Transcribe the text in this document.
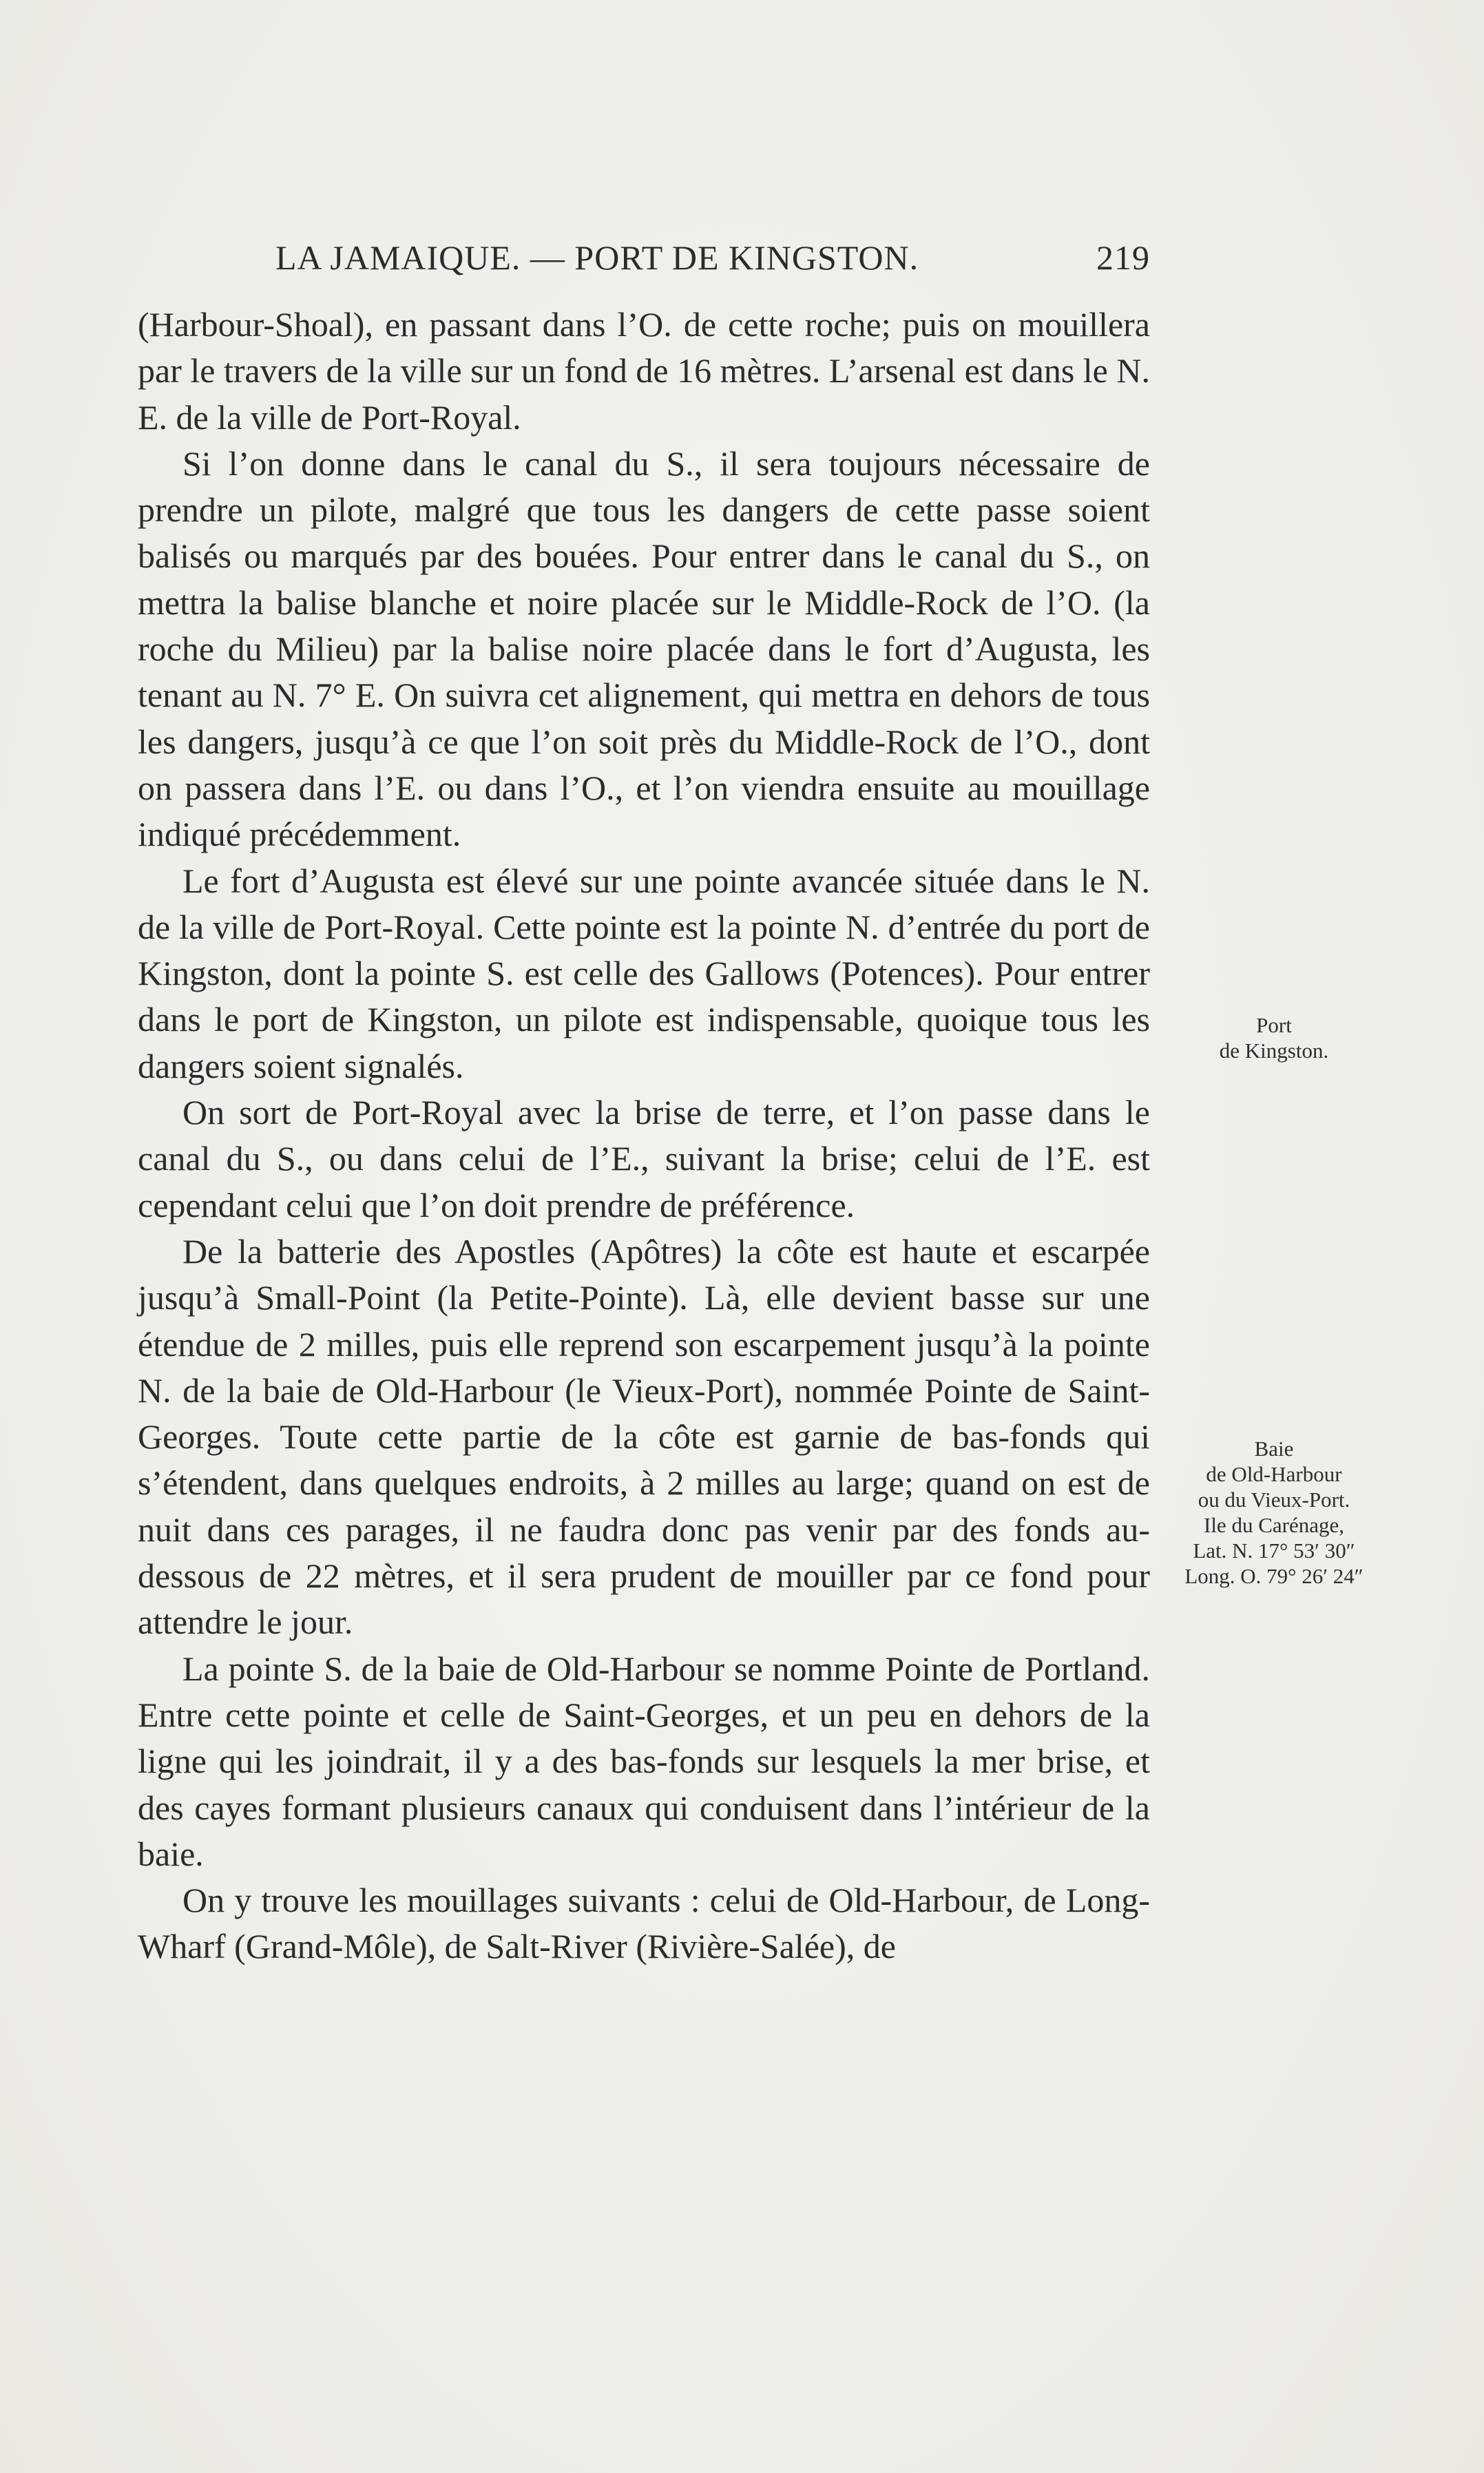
LA JAMAIQUE. — PORT DE KINGSTON.	219

(Harbour-Shoal), en passant dans l’O. de cette roche; puis on mouillera par le travers de la ville sur un fond de 16 mètres. L’arsenal est dans le N. E. de la ville de Port-Royal.

Si l’on donne dans le canal du S., il sera toujours nécessaire de prendre un pilote, malgré que tous les dangers de cette passe soient balisés ou marqués par des bouées. Pour entrer dans le canal du S., on mettra la balise blanche et noire placée sur le Middle-Rock de l’O. (la roche du Milieu) par la balise noire placée dans le fort d’Augusta, les tenant au N. 7° E. On suivra cet alignement, qui mettra en dehors de tous les dangers, jusqu’à ce que l’on soit près du Middle-Rock de l’O., dont on passera dans l’E. ou dans l’O., et l’on viendra ensuite au mouillage indiqué précédemment.

Le fort d’Augusta est élevé sur une pointe avancée située dans le N. de la ville de Port-Royal. Cette pointe est la pointe N. d’entrée du port de Kingston, dont la pointe S. est celle des Gallows (Potences). Pour entrer dans le port de Kingston, un pilote est indispensable, quoique tous les dangers soient signalés.

On sort de Port-Royal avec la brise de terre, et l’on passe dans le canal du S., ou dans celui de l’E., suivant la brise; celui de l’E. est cependant celui que l’on doit prendre de préférence.

De la batterie des Apostles (Apôtres) la côte est haute et escarpée jusqu’à Small-Point (la Petite-Pointe). Là, elle devient basse sur une étendue de 2 milles, puis elle reprend son escarpement jusqu’à la pointe N. de la baie de Old-Harbour (le Vieux-Port), nommée Pointe de Saint-Georges. Toute cette partie de la côte est garnie de bas-fonds qui s’étendent, dans quelques endroits, à 2 milles au large; quand on est de nuit dans ces parages, il ne faudra donc pas venir par des fonds au-dessous de 22 mètres, et il sera prudent de mouiller par ce fond pour attendre le jour.

La pointe S. de la baie de Old-Harbour se nomme Pointe de Portland. Entre cette pointe et celle de Saint-Georges, et un peu en dehors de la ligne qui les joindrait, il y a des bas-fonds sur lesquels la mer brise, et des cayes formant plusieurs canaux qui conduisent dans l’intérieur de la baie.

On y trouve les mouillages suivants : celui de Old-Harbour, de Long-Wharf (Grand-Môle), de Salt-River (Rivière-Salée), de

Port
de Kingston.
Baie
de Old-Harbour
ou du Vieux-Port.
Ile du Carénage,
Lat. N. 17° 53′ 30″
Long. O. 79° 26′ 24″
